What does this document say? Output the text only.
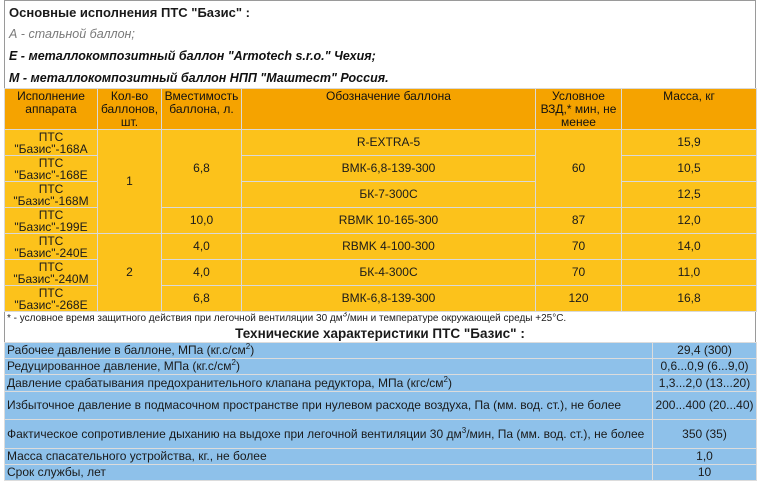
Основные исполнения ПТС "Базис" :
А - стальной баллон;
Е - металлокомпозитный баллон "Armotech s.r.o." Чехия;
М - металлокомпозитный баллон НПП "Маштест" Россия.
Исполнение аппарата	Кол-во баллонов, шт.	Вместимость баллона, л.	Обозначение баллона	Условное ВЗД,* мин, не менее	Масса, кг
ПТС "Базис"-168А	1	6,8	R-EXTRA-5	60	15,9
ПТС "Базис"-168Е			ВМК-6,8-139-300		10,5
ПТС "Базис"-168М			БК-7-300С		12,5
ПТС "Базис"-199Е		10,0	RBMK 10-165-300	87	12,0
ПТС "Базис"-240Е	2	4,0	RBMK 4-100-300	70	14,0
ПТС "Базис"-240М		4,0	БК-4-300С	70	11,0
ПТС "Базис"-268Е		6,8	ВМК-6,8-139-300	120	16,8
* - условное время защитного действия при легочной вентиляции 30 $дм^3$/мин и температуре окружающей среды +25°С.
Технические характеристики ПТС "Базис" :
Рабочее давление в баллоне, МПа $(кг.с/см^2)$	29,4 (300)
Редуцированное давление, МПа $(кг.с/см^2)$	0,6...0,9 (6...9,0)
Давление срабатывания предохранительного клапана редуктора, МПа $(кгс/см^2)$	1,3...2,0 (13...20)
Избыточное давление в подмасочном пространстве при нулевом расходе воздуха, Па (мм. вод. ст.), не более	200...400 (20...40)
Фактическое сопротивление дыханию на выдохе при легочной вентиляции 30 $дм^3$/мин, Па (мм. вод. ст.), не более	350 (35)
Масса спасательного устройства, кг., не более	1,0
Срок службы, лет	10
